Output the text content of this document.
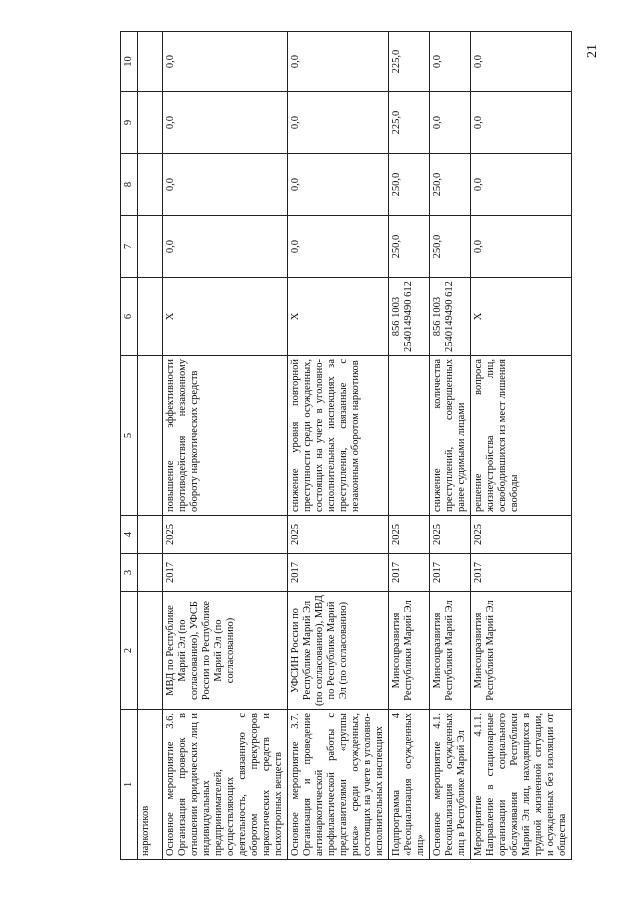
21
1	2	3	4	5	6	7	8	9	10
наркотиков									
Основное мероприятие 3.6. Организация проверок в отношении юридических лиц и индивидуальных предпринимателей, осуществляющих деятельность, связанную с оборотом прекурсоров наркотических средств и психотропных веществ	МВД по Республике Марий Эл (по согласованию), УФСБ России по Республике Марий Эл (по согласованию)	2017	2025	повышение эффективности противодействия незаконному обороту наркотических средств	Х	0,0	0,0	0,0	0,0
Основное мероприятие 3.7. Организация и проведение антинаркотической профилактической работы с представителями «группы риска» среди осужденных, состоящих на учете в уголовно-исполнительных инспекциях	УФСИН России по Республике Марий Эл (по согласованию), МВД по Республике Марий Эл (по согласованию)	2017	2025	снижение уровня повторной преступности среди осужденных, состоящих на учете в уголовно-исполнительных инспекциях за преступления, связанные с незаконным оборотом наркотиков	Х	0,0	0,0	0,0	0,0
Подпрограмма 4 «Ресоциализация осужденных лиц»	Минсоцразвития Республики Марий Эл	2017	2025		856 1003 2540149490 612	250,0	250,0	225,0	225,0
Основное мероприятие 4.1. Ресоциализация осужденных лиц в Республике Марий Эл	Минсоцразвития Республики Марий Эл	2017	2025	снижение количества преступлений, совершенных ранее судимыми лицами	856 1003 2540149490 612	250,0	250,0	0,0	0,0
Мероприятие 4.1.1. Направление в стационарные организации социального обслуживания Республики Марий Эл лиц, находящихся в трудной жизненной ситуации, и осужденных без изоляции от общества	Минсоцразвития Республики Марий Эл	2017	2025	решение вопроса жизнеустройства лиц, освободившихся из мест лишения свободы	Х	0,0	0,0	0,0	0,0
